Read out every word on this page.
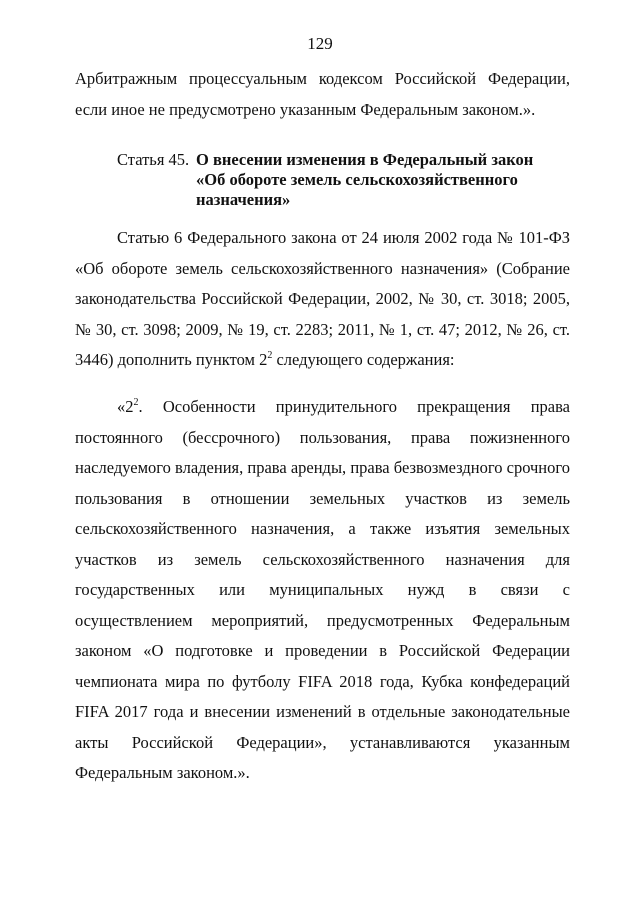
129

Арбитражным процессуальным кодексом Российской Федерации, если иное не предусмотрено указанным Федеральным законом.».

Статья 45. О внесении изменения в Федеральный закон
«Об обороте земель сельскохозяйственного
назначения»

Статью 6 Федерального закона от 24 июля 2002 года № 101-ФЗ «Об обороте земель сельскохозяйственного назначения» (Собрание законодательства Российской Федерации, 2002, № 30, ст. 3018; 2005, № 30, ст. 3098; 2009, № 19, ст. 2283; 2011, № 1, ст. 47; 2012, № 26, ст. 3446) дополнить пунктом $2^2$ следующего содержания:

«$2^2$. Особенности принудительного прекращения права постоянного (бессрочного) пользования, права пожизненного наследуемого владения, права аренды, права безвозмездного срочного пользования в отношении земельных участков из земель сельскохозяйственного назначения, а также изъятия земельных участков из земель сельскохозяйственного назначения для государственных или муниципальных нужд в связи с осуществлением мероприятий, предусмотренных Федеральным законом «О подготовке и проведении в Российской Федерации чемпионата мира по футболу FIFA 2018 года, Кубка конфедераций FIFA 2017 года и внесении изменений в отдельные законодательные акты Российской Федерации», устанавливаются указанным Федеральным законом.».
